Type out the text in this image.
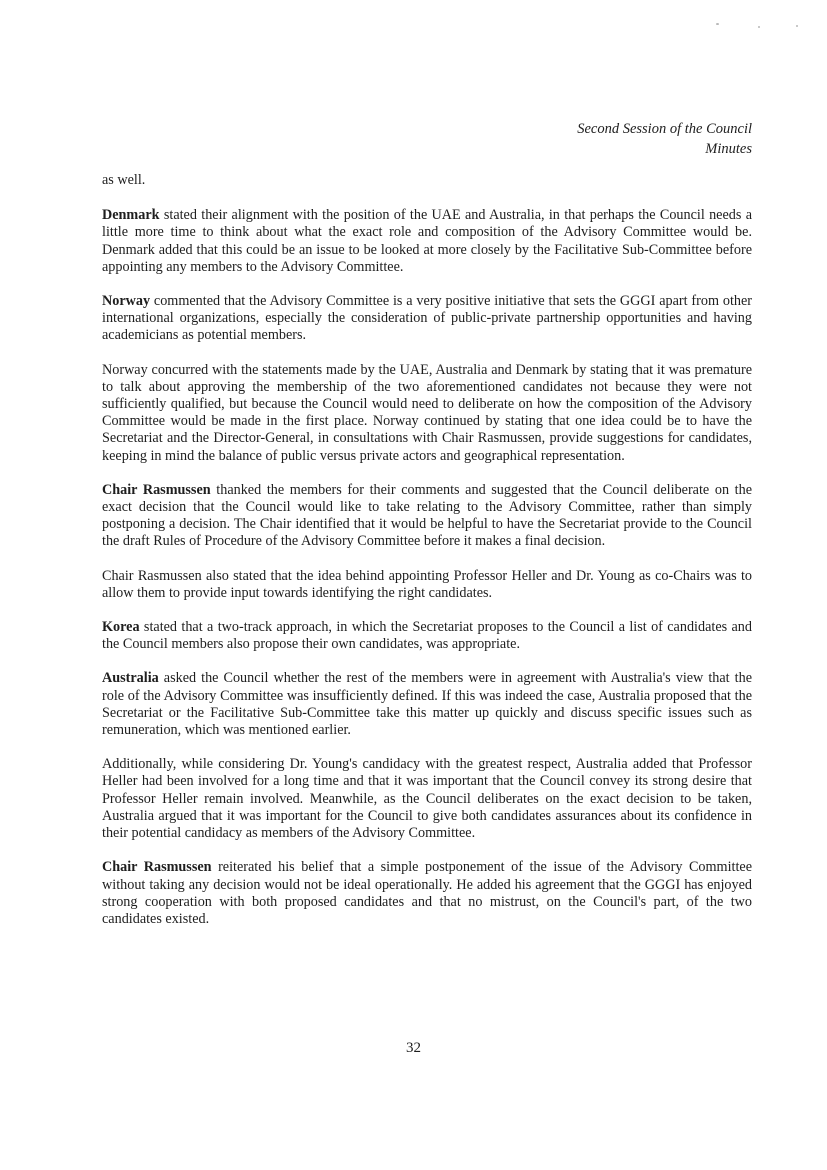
Second Session of the Council
Minutes

as well.

Denmark stated their alignment with the position of the UAE and Australia, in that perhaps the Council needs a little more time to think about what the exact role and composition of the Advisory Committee would be. Denmark added that this could be an issue to be looked at more closely by the Facilitative Sub-Committee before appointing any members to the Advisory Committee.

Norway commented that the Advisory Committee is a very positive initiative that sets the GGGI apart from other international organizations, especially the consideration of public-private partnership opportunities and having academicians as potential members.

Norway concurred with the statements made by the UAE, Australia and Denmark by stating that it was premature to talk about approving the membership of the two aforementioned candidates not because they were not sufficiently qualified, but because the Council would need to deliberate on how the composition of the Advisory Committee would be made in the first place. Norway continued by stating that one idea could be to have the Secretariat and the Director-General, in consultations with Chair Rasmussen, provide suggestions for candidates, keeping in mind the balance of public versus private actors and geographical representation.

Chair Rasmussen thanked the members for their comments and suggested that the Council deliberate on the exact decision that the Council would like to take relating to the Advisory Committee, rather than simply postponing a decision. The Chair identified that it would be helpful to have the Secretariat provide to the Council the draft Rules of Procedure of the Advisory Committee before it makes a final decision.

Chair Rasmussen also stated that the idea behind appointing Professor Heller and Dr. Young as co-Chairs was to allow them to provide input towards identifying the right candidates.

Korea stated that a two-track approach, in which the Secretariat proposes to the Council a list of candidates and the Council members also propose their own candidates, was appropriate.

Australia asked the Council whether the rest of the members were in agreement with Australia's view that the role of the Advisory Committee was insufficiently defined. If this was indeed the case, Australia proposed that the Secretariat or the Facilitative Sub-Committee take this matter up quickly and discuss specific issues such as remuneration, which was mentioned earlier.

Additionally, while considering Dr. Young's candidacy with the greatest respect, Australia added that Professor Heller had been involved for a long time and that it was important that the Council convey its strong desire that Professor Heller remain involved. Meanwhile, as the Council deliberates on the exact decision to be taken, Australia argued that it was important for the Council to give both candidates assurances about its confidence in their potential candidacy as members of the Advisory Committee.

Chair Rasmussen reiterated his belief that a simple postponement of the issue of the Advisory Committee without taking any decision would not be ideal operationally. He added his agreement that the GGGI has enjoyed strong cooperation with both proposed candidates and that no mistrust, on the Council's part, of the two candidates existed.

32
